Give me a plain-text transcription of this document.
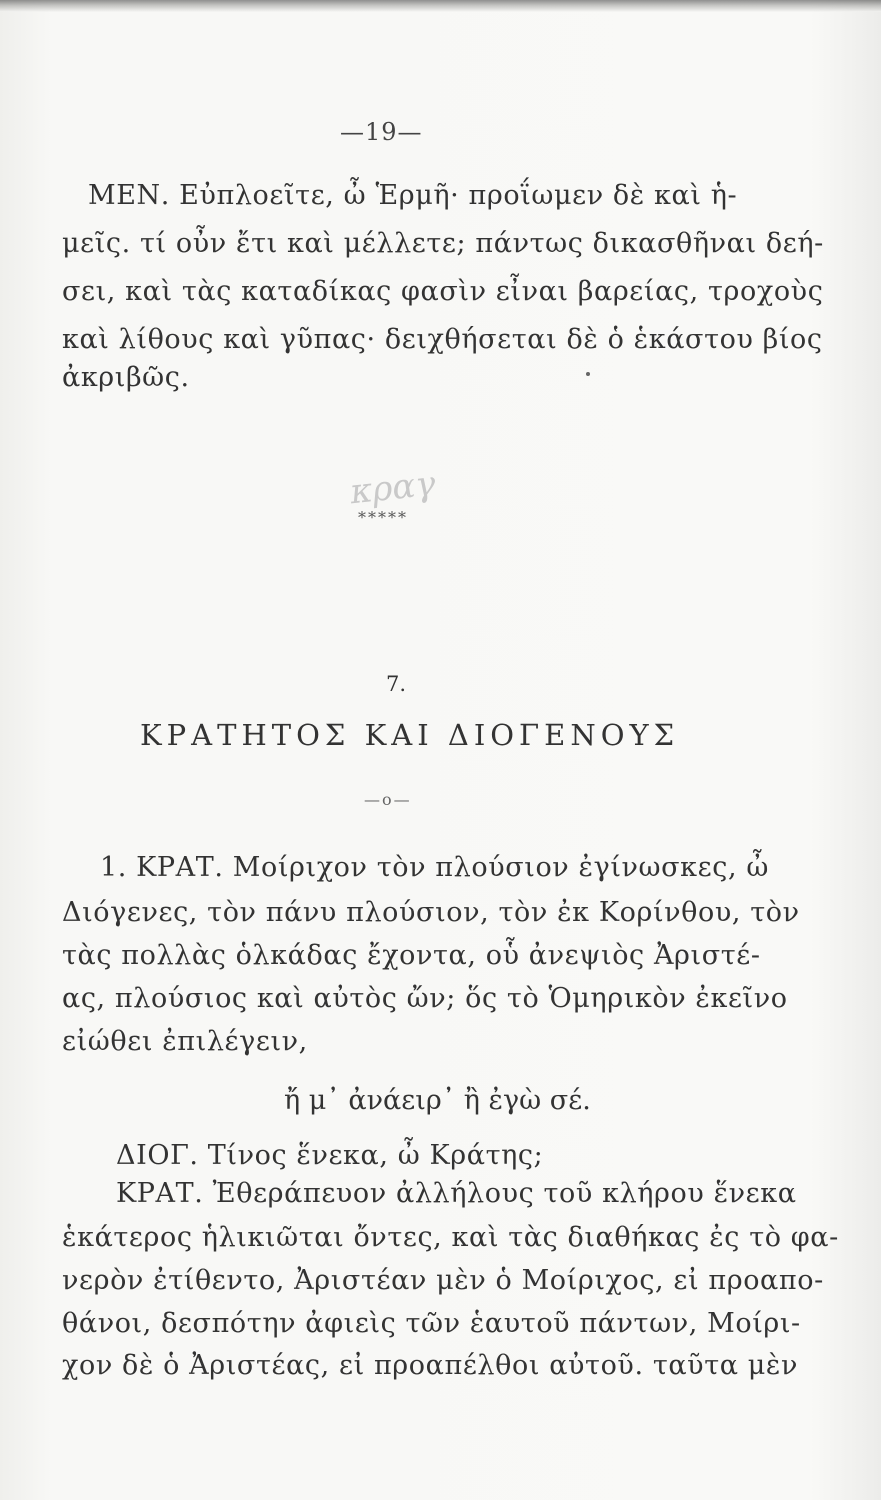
—19—
ΜΕΝ. Εὐπλοεῖτε, ὦ Ἑρμῆ· προΐωμεν δὲ καὶ ἡ-
μεῖς. τί οὖν ἔτι καὶ μέλλετε; πάντως δικασθῆναι δεή-
σει, καὶ τὰς καταδίκας φασὶν εἶναι βαρείας, τροχοὺς
καὶ λίθους καὶ γῦπας· δειχθήσεται δὲ ὁ ἑκάστου βίος
ἀκριβῶς.
κραγ
*****
7.
ΚΡΑΤΗΤΟΣ ΚΑΙ ΔΙΟΓΕΝΟΥΣ
—ο—
1. ΚΡΑΤ. Μοίριχον τὸν πλούσιον ἐγίνωσκες, ὦ
Διόγενες, τὸν πάνυ πλούσιον, τὸν ἐκ Κορίνθου, τὸν
τὰς πολλὰς ὁλκάδας ἔχοντα, οὗ ἀνεψιὸς Ἀριστέ-
ας, πλούσιος καὶ αὐτὸς ὤν; ὅς τὸ Ὁμηρικὸν ἐκεῖνο
εἰώθει ἐπιλέγειν,
ἤ μ᾽ ἀνάειρ᾽ ἢ ἐγὼ σέ.
ΔΙΟΓ. Τίνος ἕνεκα, ὦ Κράτης;
ΚΡΑΤ. Ἐθεράπευον ἀλλήλους τοῦ κλήρου ἕνεκα
ἑκάτερος ἡλικιῶται ὄντες, καὶ τὰς διαθήκας ἐς τὸ φα-
νερὸν ἐτίθεντο, Ἀριστέαν μὲν ὁ Μοίριχος, εἰ προαπο-
θάνοι, δεσπότην ἀφιεὶς τῶν ἑαυτοῦ πάντων, Μοίρι-
χον δὲ ὁ Ἀριστέας, εἰ προαπέλθοι αὐτοῦ. ταῦτα μὲν
